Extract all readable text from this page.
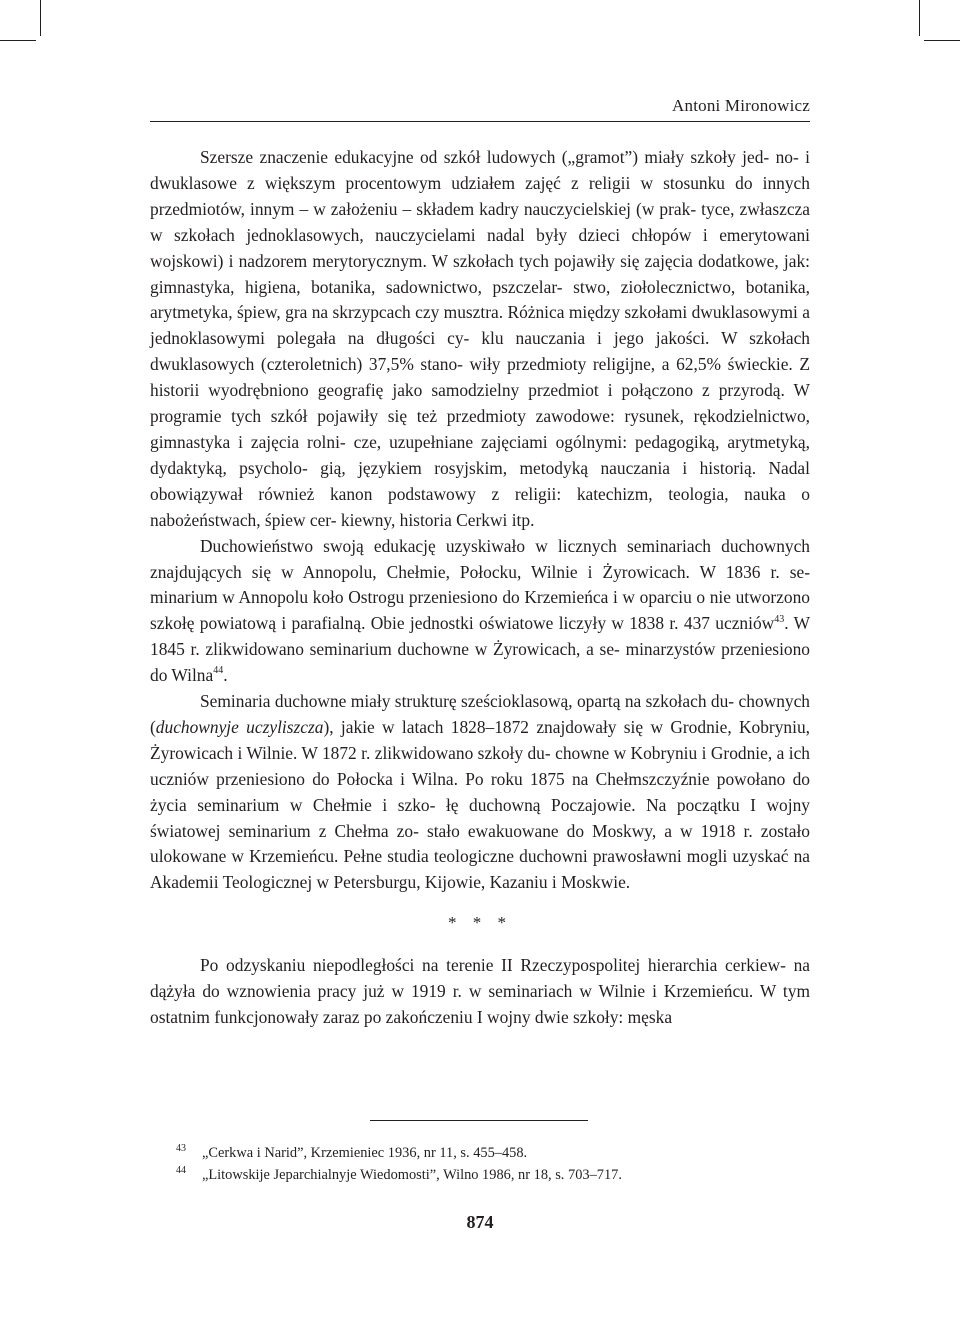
Antoni Mironowicz

Szersze znaczenie edukacyjne od szkół ludowych („gramot”) miały szkoły jed- no- i dwuklasowe z większym procentowym udziałem zajęć z religii w stosunku do innych przedmiotów, innym – w założeniu – składem kadry nauczycielskiej (w prak- tyce, zwłaszcza w szkołach jednoklasowych, nauczycielami nadal były dzieci chłopów i emerytowani wojskowi) i nadzorem merytorycznym. W szkołach tych pojawiły się zajęcia dodatkowe, jak: gimnastyka, higiena, botanika, sadownictwo, pszczelar- stwo, ziołolecznictwo, botanika, arytmetyka, śpiew, gra na skrzypcach czy musztra. Różnica między szkołami dwuklasowymi a jednoklasowymi polegała na długości cy- klu nauczania i jego jakości. W szkołach dwuklasowych (czteroletnich) 37,5% stano- wiły przedmioty religijne, a 62,5% świeckie. Z historii wyodrębniono geografię jako samodzielny przedmiot i połączono z przyrodą. W programie tych szkół pojawiły się też przedmioty zawodowe: rysunek, rękodzielnictwo, gimnastyka i zajęcia rolni- cze, uzupełniane zajęciami ogólnymi: pedagogiką, arytmetyką, dydaktyką, psycholo- gią, językiem rosyjskim, metodyką nauczania i historią. Nadal obowiązywał również kanon podstawowy z religii: katechizm, teologia, nauka o nabożeństwach, śpiew cer- kiewny, historia Cerkwi itp.

Duchowieństwo swoją edukację uzyskiwało w licznych seminariach duchownych znajdujących się w Annopolu, Chełmie, Połocku, Wilnie i Żyrowicach. W 1836 r. se- minarium w Annopolu koło Ostrogu przeniesiono do Krzemieńca i w oparciu o nie utworzono szkołę powiatową i parafialną. Obie jednostki oświatowe liczyły w 1838 r. 437 uczniów$^{43}$. W 1845 r. zlikwidowano seminarium duchowne w Żyrowicach, a se- minarzystów przeniesiono do Wilna$^{44}$.

Seminaria duchowne miały strukturę sześcioklasową, opartą na szkołach du- chownych (duchownyje uczyliszcza), jakie w latach 1828–1872 znajdowały się w Grodnie, Kobryniu, Żyrowicach i Wilnie. W 1872 r. zlikwidowano szkoły du- chowne w Kobryniu i Grodnie, a ich uczniów przeniesiono do Połocka i Wilna. Po roku 1875 na Chełmszczyźnie powołano do życia seminarium w Chełmie i szko- łę duchowną Poczajowie. Na początku I wojny światowej seminarium z Chełma zo- stało ewakuowane do Moskwy, a w 1918 r. zostało ulokowane w Krzemieńcu. Pełne studia teologiczne duchowni prawosławni mogli uzyskać na Akademii Teologicznej w Petersburgu, Kijowie, Kazaniu i Moskwie.

* * *

Po odzyskaniu niepodległości na terenie II Rzeczypospolitej hierarchia cerkiew- na dążyła do wznowienia pracy już w 1919 r. w seminariach w Wilnie i Krzemieńcu. W tym ostatnim funkcjonowały zaraz po zakończeniu I wojny dwie szkoły: męska

43 „Cerkwa i Narid”, Krzemieniec 1936, nr 11, s. 455–458.
44 „Litowskije Jeparchialnyje Wiedomosti”, Wilno 1986, nr 18, s. 703–717.
874
